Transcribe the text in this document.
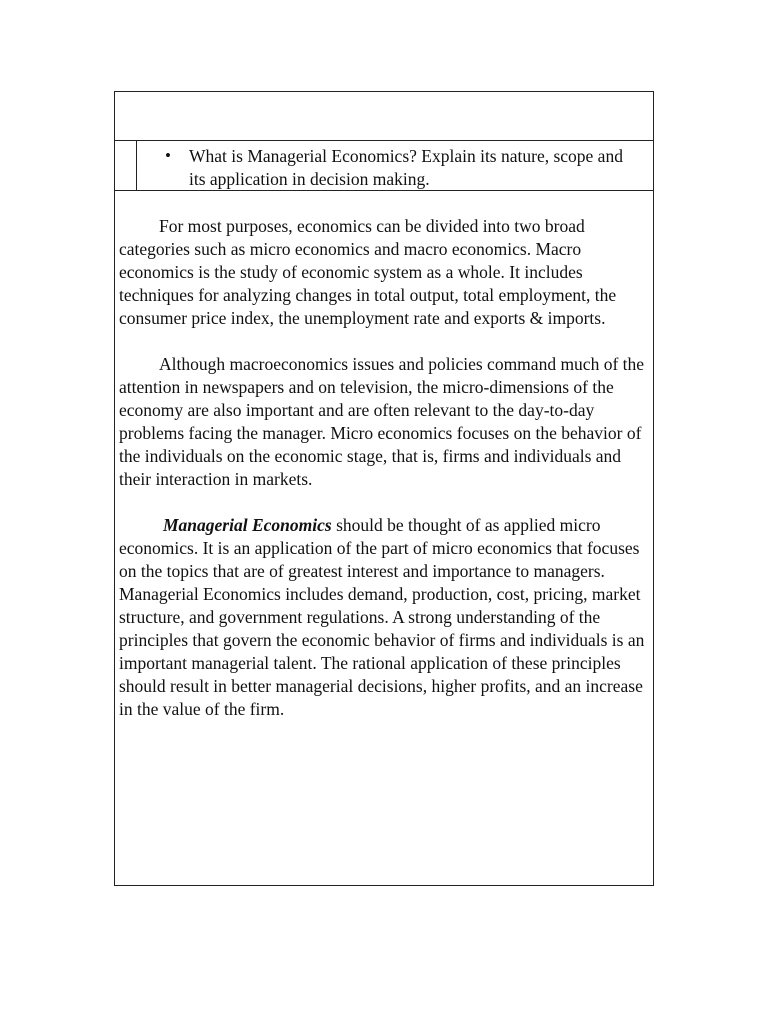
• What is Managerial Economics? Explain its nature, scope and its application in decision making.

For most purposes, economics can be divided into two broad categories such as micro economics and macro economics. Macro economics is the study of economic system as a whole. It includes techniques for analyzing changes in total output, total employment, the consumer price index, the unemployment rate and exports & imports.

Although macroeconomics issues and policies command much of the attention in newspapers and on television, the micro-dimensions of the economy are also important and are often relevant to the day-to-day problems facing the manager. Micro economics focuses on the behavior of the individuals on the economic stage, that is, firms and individuals and their interaction in markets.

Managerial Economics should be thought of as applied micro economics. It is an application of the part of micro economics that focuses on the topics that are of greatest interest and importance to managers. Managerial Economics includes demand, production, cost, pricing, market structure, and government regulations. A strong understanding of the principles that govern the economic behavior of firms and individuals is an important managerial talent. The rational application of these principles should result in better managerial decisions, higher profits, and an increase in the value of the firm.
